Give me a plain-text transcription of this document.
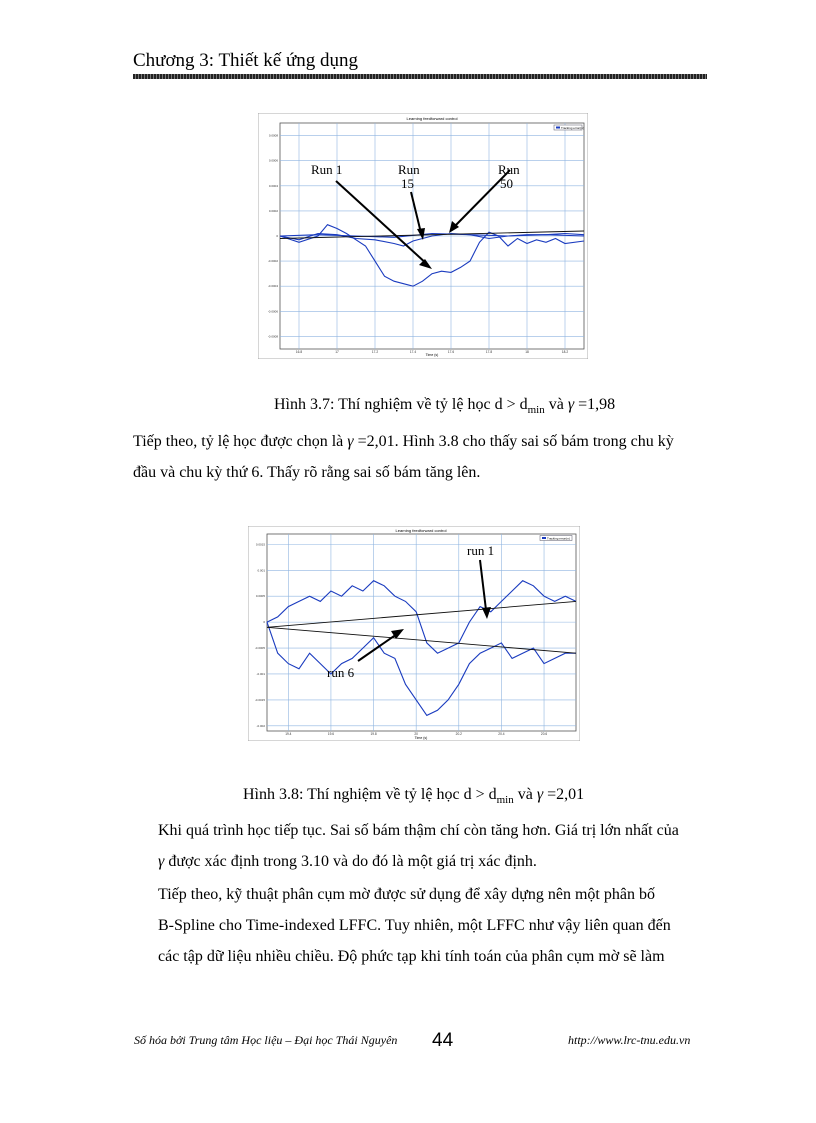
Chương 3: Thiết kế ứng dụng
16.8	17	17.2	17.4	17.6	17.8	18	18.2
0.0008
0.0006
0.0004
0.0002
0
-0.0002
-0.0004
-0.0006
-0.0008
Learning feedforward control
Tracking error(m)
Time (s)
Run 1	Run
15
Run
50
Hình 3.7: Thí nghiệm về tỷ lệ học $d > d_{min}$ và γ =1,98

Tiếp theo, tỷ lệ học được chọn là γ =2,01. Hình 3.8 cho thấy sai số bám trong chu kỳ

đầu và chu kỳ thứ 6. Thấy rõ rằng sai số bám tăng lên.

19.4	19.6	19.8	20	20.2	20.4	20.6
0.0015
0.001
0.0005
0
-0.0005
-0.001
-0.0015
-0.002
Learning feedforward control
Tracking error(m)
Time (s)
run 1
run 6
Hình 3.8: Thí nghiệm về tỷ lệ học $d > d_{min}$ và γ =2,01

Khi quá trình học tiếp tục. Sai số bám thậm chí còn tăng hơn. Giá trị lớn nhất của

γ được xác định trong 3.10 và do đó là một giá trị xác định.

Tiếp theo, kỹ thuật phân cụm mờ được sử dụng để xây dựng nên một phân bố

B-Spline cho Time-indexed LFFC. Tuy nhiên, một LFFC như vậy liên quan đến

các tập dữ liệu nhiều chiều. Độ phức tạp khi tính toán của phân cụm mờ sẽ làm

Số hóa bởi Trung tâm Học liệu – Đại học Thái Nguyên 44	http://www.lrc-tnu.edu.vn
